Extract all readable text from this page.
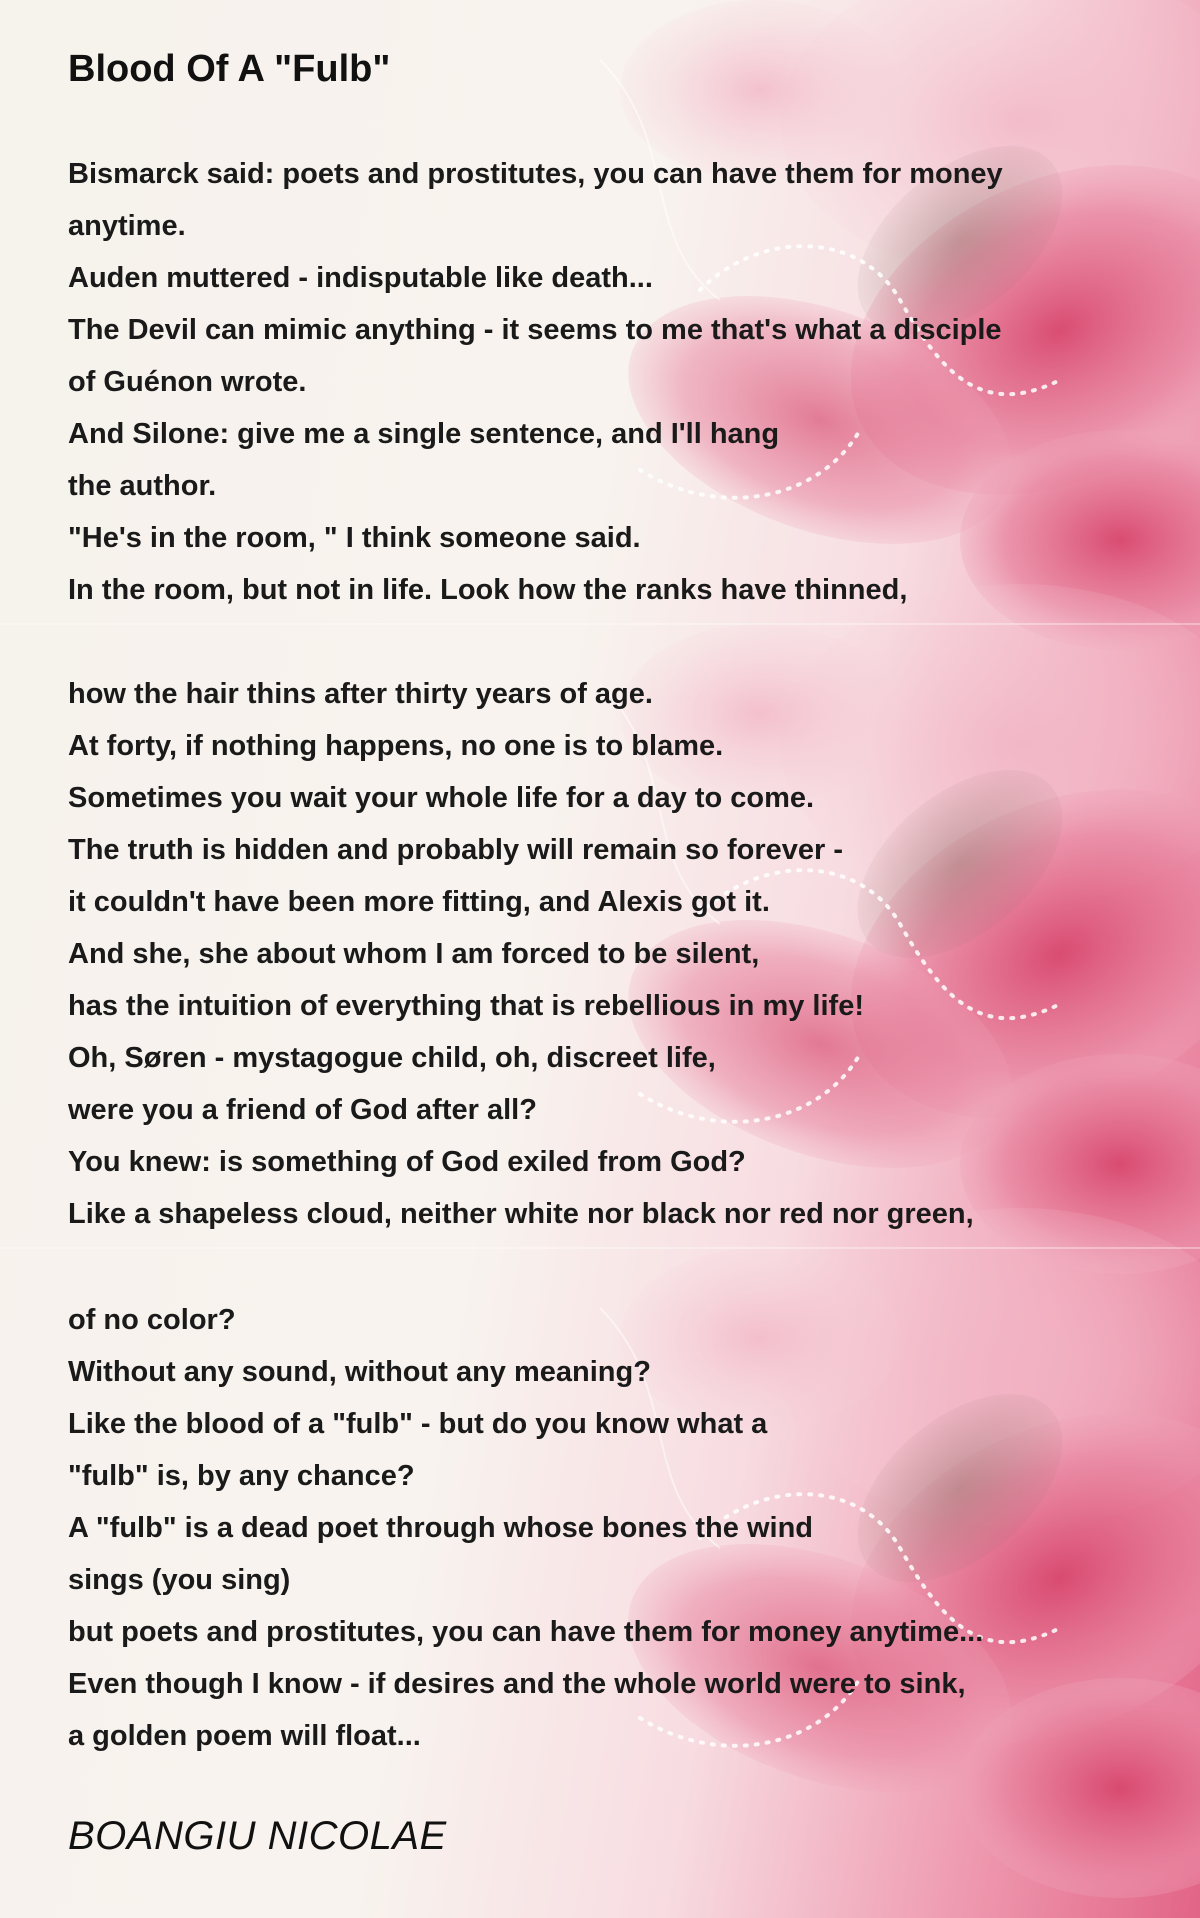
Blood Of A "Fulb"
Bismarck said: poets and prostitutes, you can have them for money
anytime.
Auden muttered - indisputable like death...
The Devil can mimic anything - it seems to me that's what a disciple
of Guénon wrote.
And Silone: give me a single sentence, and I'll hang
the author.
"He's in the room, " I think someone said.
In the room, but not in life. Look how the ranks have thinned,
how the hair thins after thirty years of age.
At forty, if nothing happens, no one is to blame.
Sometimes you wait your whole life for a day to come.
The truth is hidden and probably will remain so forever -
it couldn't have been more fitting, and Alexis got it.
And she, she about whom I am forced to be silent,
has the intuition of everything that is rebellious in my life!
Oh, Søren - mystagogue child, oh, discreet life,
were you a friend of God after all?
You knew: is something of God exiled from God?
Like a shapeless cloud, neither white nor black nor red nor green,
of no color?
Without any sound, without any meaning?
Like the blood of a "fulb" - but do you know what a
"fulb" is, by any chance?
A "fulb" is a dead poet through whose bones the wind
sings (you sing)
but poets and prostitutes, you can have them for money anytime...
Even though I know - if desires and the whole world were to sink,
a golden poem will float...

BOANGIU NICOLAE
